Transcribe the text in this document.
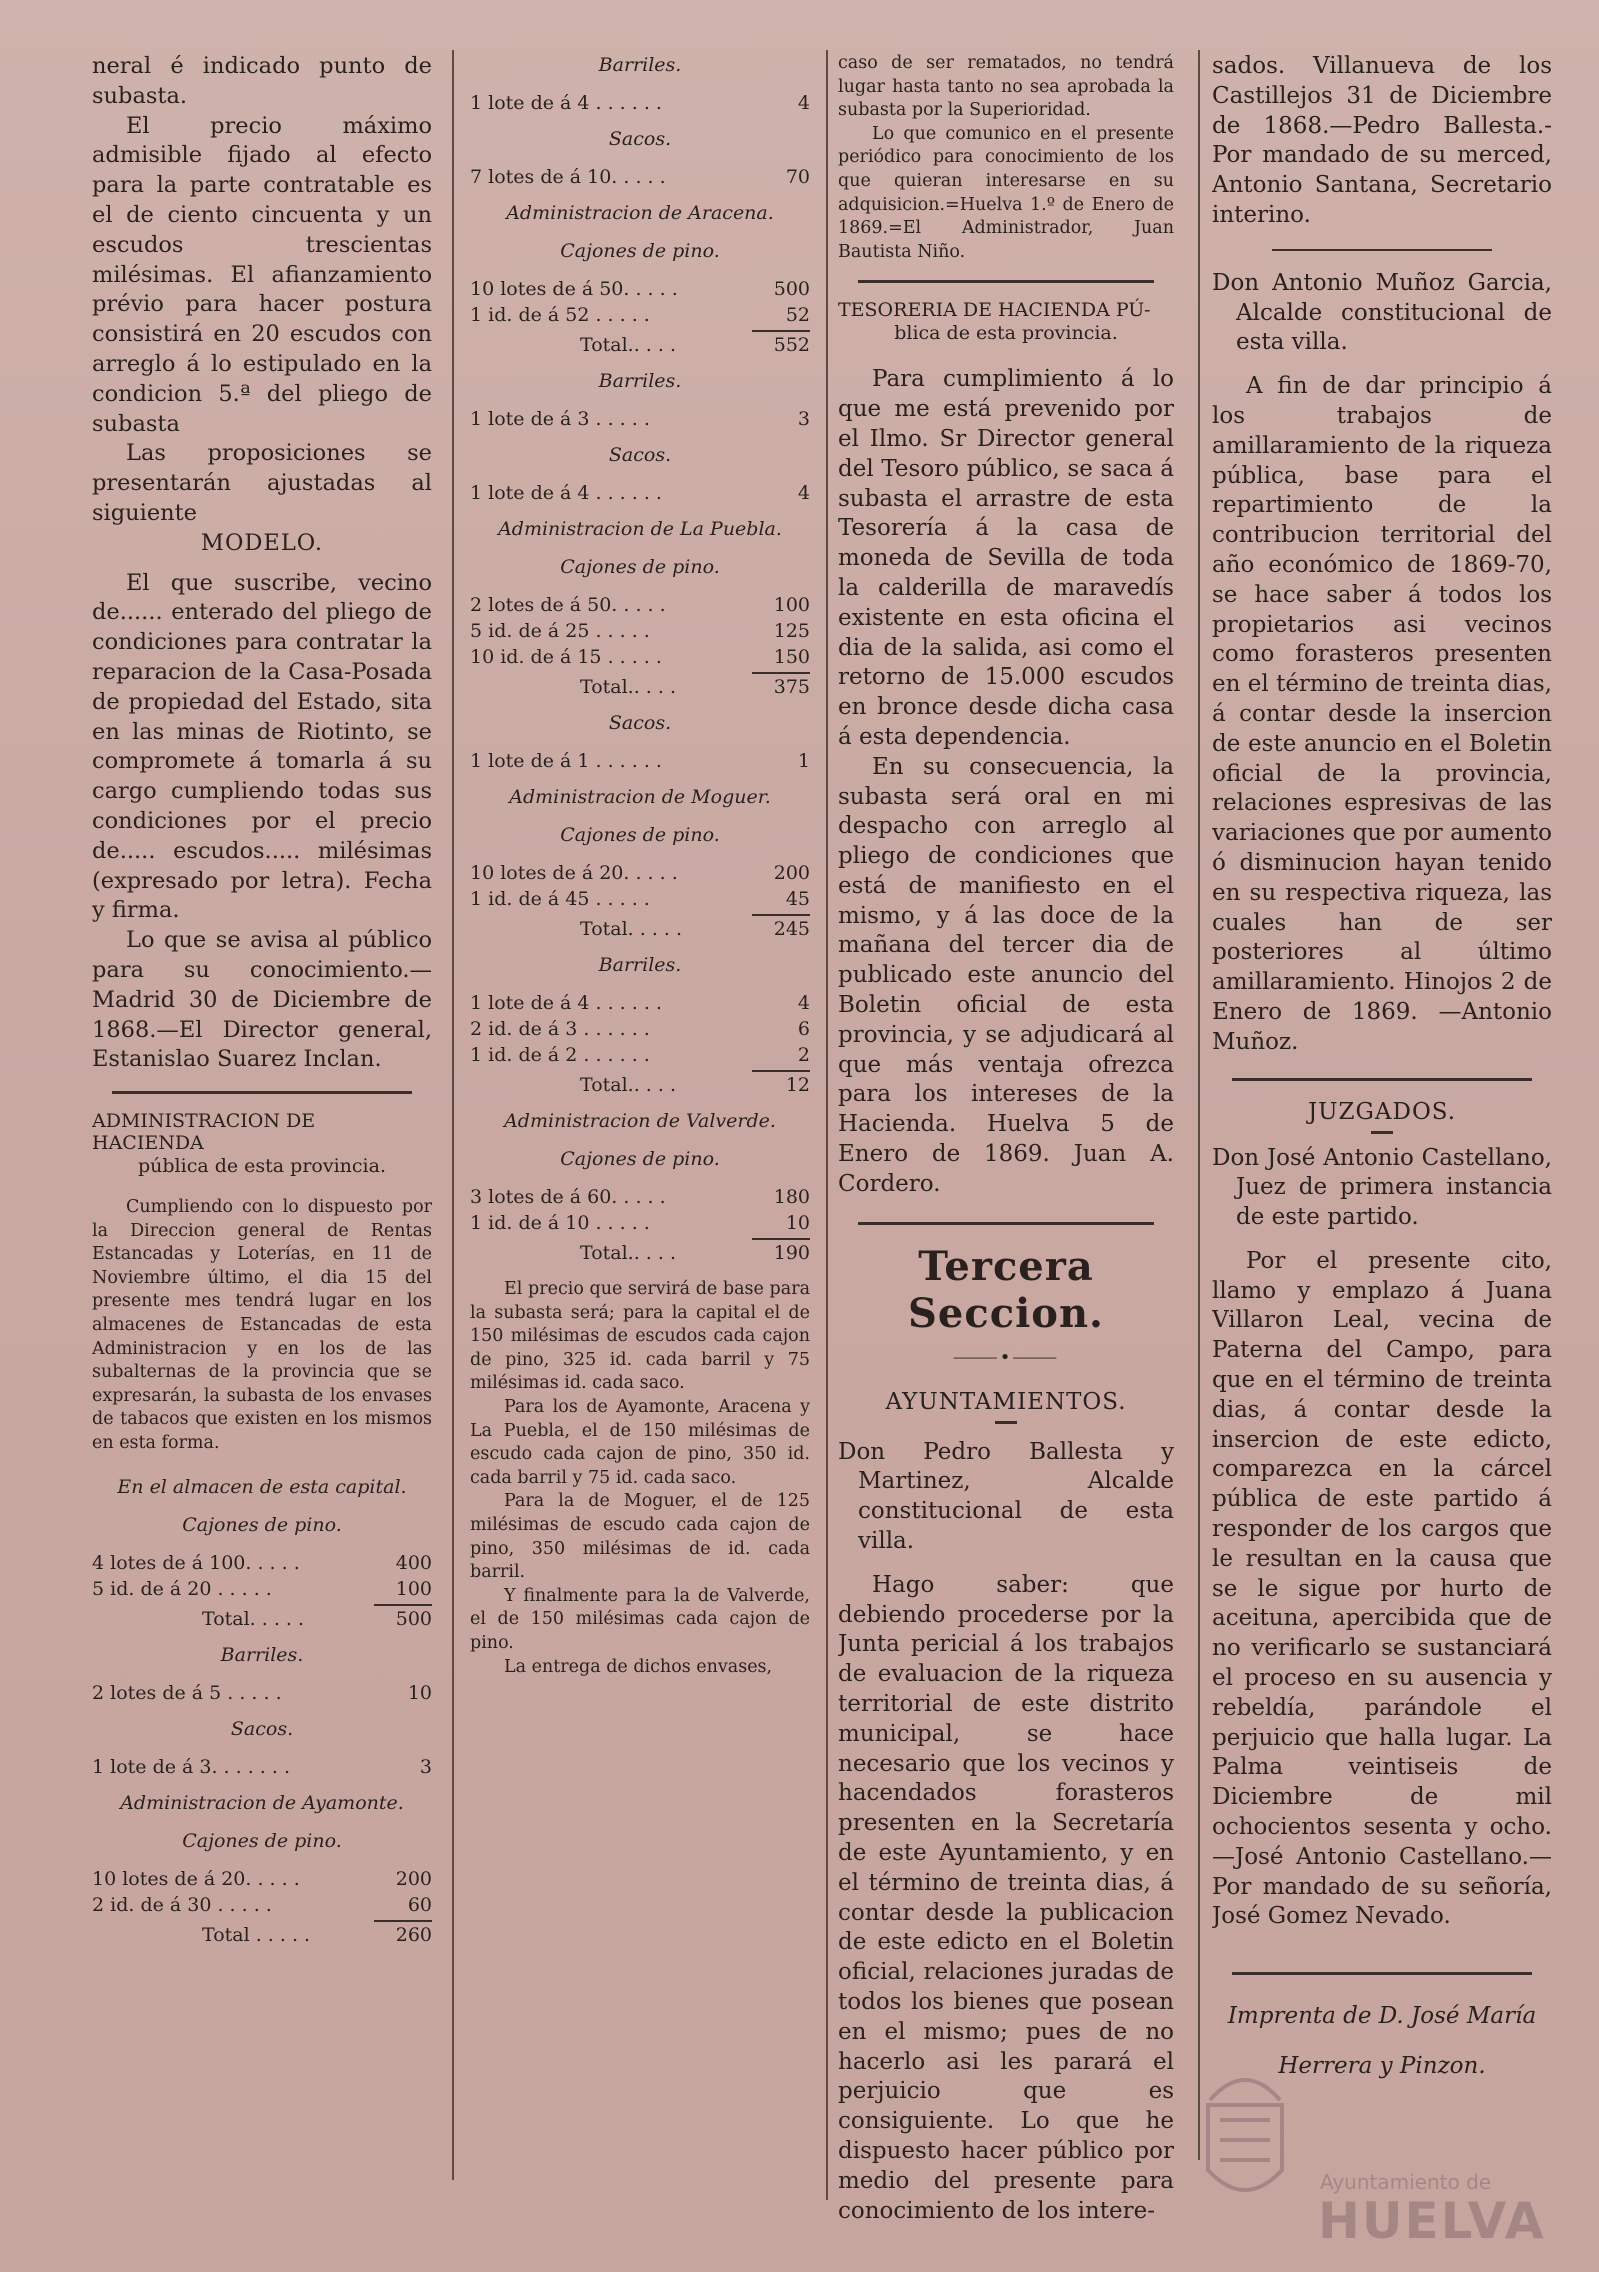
neral é indicado punto de subasta.

El precio máximo admisible fijado al efecto para la parte contratable es el de ciento cincuenta y un escudos trescientas milésimas. El afianzamiento prévio para hacer postura consistirá en 20 escudos con arreglo á lo estipulado en la condicion 5.ª del pliego de subasta

Las proposiciones se presentarán ajustadas al siguiente

MODELO.

El que suscribe, vecino de...... enterado del pliego de condiciones para contratar la reparacion de la Casa-Posada de propiedad del Estado, sita en las minas de Riotinto, se compromete á tomarla á su cargo cumpliendo todas sus condiciones por el precio de..... escudos..... milésimas (expresado por letra). Fecha y firma.

Lo que se avisa al público para su conocimiento.—Madrid 30 de Diciembre de 1868.—El Director general, Estanislao Suarez Inclan.

ADMINISTRACION DE HACIENDA

pública de esta provincia.

Cumpliendo con lo dispuesto por la Direccion general de Rentas Estancadas y Loterías, en 11 de Noviembre último, el dia 15 del presente mes tendrá lugar en los almacenes de Estancadas de esta Administracion y en los de las subalternas de la provincia que se expresarán, la subasta de los envases de tabacos que existen en los mismos en esta forma.

En el almacen de esta capital.

Cajones de pino.

4 lotes de á 100. . . . .	400
5 id. de á 20 . . . . .	100
Total. . . . .	500

Barriles.

2 lotes de á 5 . . . . .	10

Sacos.

1 lote de á 3. . . . . . .	3

Administracion de Ayamonte.

Cajones de pino.

10 lotes de á 20. . . . .	200
2 id. de á 30 . . . . .	60
Total . . . . .	260

Barriles.

1 lote de á 4 . . . . . .	4

Sacos.

7 lotes de á 10. . . . .	70

Administracion de Aracena.

Cajones de pino.

10 lotes de á 50. . . . .	500
1 id. de á 52 . . . . .	52
Total.. . . .	552

Barriles.

1 lote de á 3 . . . . .	3

Sacos.

1 lote de á 4 . . . . . .	4

Administracion de La Puebla.

Cajones de pino.

2 lotes de á 50. . . . .	100
5 id. de á 25 . . . . .	125
10 id. de á 15 . . . . .	150
Total.. . . .	375

Sacos.

1 lote de á 1 . . . . . .	1

Administracion de Moguer.

Cajones de pino.

10 lotes de á 20. . . . .	200
1 id. de á 45 . . . . .	45
Total. . . . .	245

Barriles.

1 lote de á 4 . . . . . .	4
2 id. de á 3 . . . . . .	6
1 id. de á 2 . . . . . .	2
Total.. . . .	12

Administracion de Valverde.

Cajones de pino.

3 lotes de á 60. . . . .	180
1 id. de á 10 . . . . .	10
Total.. . . .	190

El precio que servirá de base para la subasta será; para la capital el de 150 milésimas de escudos cada cajon de pino, 325 id. cada barril y 75 milésimas id. cada saco.

Para los de Ayamonte, Aracena y La Puebla, el de 150 milésimas de escudo cada cajon de pino, 350 id. cada barril y 75 id. cada saco.

Para la de Moguer, el de 125 milésimas de escudo cada cajon de pino, 350 milésimas de id. cada barril.

Y finalmente para la de Valverde, el de 150 milésimas cada cajon de pino.

La entrega de dichos envases,

caso de ser rematados, no tendrá lugar hasta tanto no sea aprobada la subasta por la Superioridad.

Lo que comunico en el presente periódico para conocimiento de los que quieran interesarse en su adquisicion.=Huelva 1.º de Enero de 1869.=El Administrador, Juan Bautista Niño.

TESORERIA DE HACIENDA PÚ-

blica de esta provincia.

Para cumplimiento á lo que me está prevenido por el Ilmo. Sr Director general del Tesoro público, se saca á subasta el arrastre de esta Tesorería á la casa de moneda de Sevilla de toda la calderilla de maravedís existente en esta oficina el dia de la salida, asi como el retorno de 15.000 escudos en bronce desde dicha casa á esta dependencia.

En su consecuencia, la subasta será oral en mi despacho con arreglo al pliego de condiciones que está de manifiesto en el mismo, y á las doce de la mañana del tercer dia de publicado este anuncio del Boletin oficial de esta provincia, y se adjudicará al que más ventaja ofrezca para los intereses de la Hacienda. Huelva 5 de Enero de 1869. Juan A. Cordero.

Tercera Seccion.

⸻•⸻

AYUNTAMIENTOS.

Don Pedro Ballesta y Martinez, Alcalde constitucional de esta villa.

Hago saber: que debiendo procederse por la Junta pericial á los trabajos de evaluacion de la riqueza territorial de este distrito municipal, se hace necesario que los vecinos y hacendados forasteros presenten en la Secretaría de este Ayuntamiento, y en el término de treinta dias, á contar desde la publicacion de este edicto en el Boletin oficial, relaciones juradas de todos los bienes que posean en el mismo; pues de no hacerlo asi les parará el perjuicio que es consiguiente. Lo que he dispuesto hacer público por medio del presente para conocimiento de los intere-

sados. Villanueva de los Castillejos 31 de Diciembre de 1868.—Pedro Ballesta.-Por mandado de su merced, Antonio Santana, Secretario interino.

Don Antonio Muñoz Garcia, Alcalde constitucional de esta villa.

A fin de dar principio á los trabajos de amillaramiento de la riqueza pública, base para el repartimiento de la contribucion territorial del año económico de 1869-70, se hace saber á todos los propietarios asi vecinos como forasteros presenten en el término de treinta dias, á contar desde la insercion de este anuncio en el Boletin oficial de la provincia, relaciones espresivas de las variaciones que por aumento ó disminucion hayan tenido en su respectiva riqueza, las cuales han de ser posteriores al último amillaramiento. Hinojos 2 de Enero de 1869. —Antonio Muñoz.

JUZGADOS.

Don José Antonio Castellano, Juez de primera instancia de este partido.

Por el presente cito, llamo y emplazo á Juana Villaron Leal, vecina de Paterna del Campo, para que en el término de treinta dias, á contar desde la insercion de este edicto, comparezca en la cárcel pública de este partido á responder de los cargos que le resultan en la causa que se le sigue por hurto de aceituna, apercibida que de no verificarlo se sustanciará el proceso en su ausencia y rebeldía, parándole el perjuicio que halla lugar. La Palma veintiseis de Diciembre de mil ochocientos sesenta y ocho.—José Antonio Castellano.—Por mandado de su señoría, José Gomez Nevado.

Imprenta de D. José María

Herrera y Pinzon.

Ayuntamiento de
HUELVA
